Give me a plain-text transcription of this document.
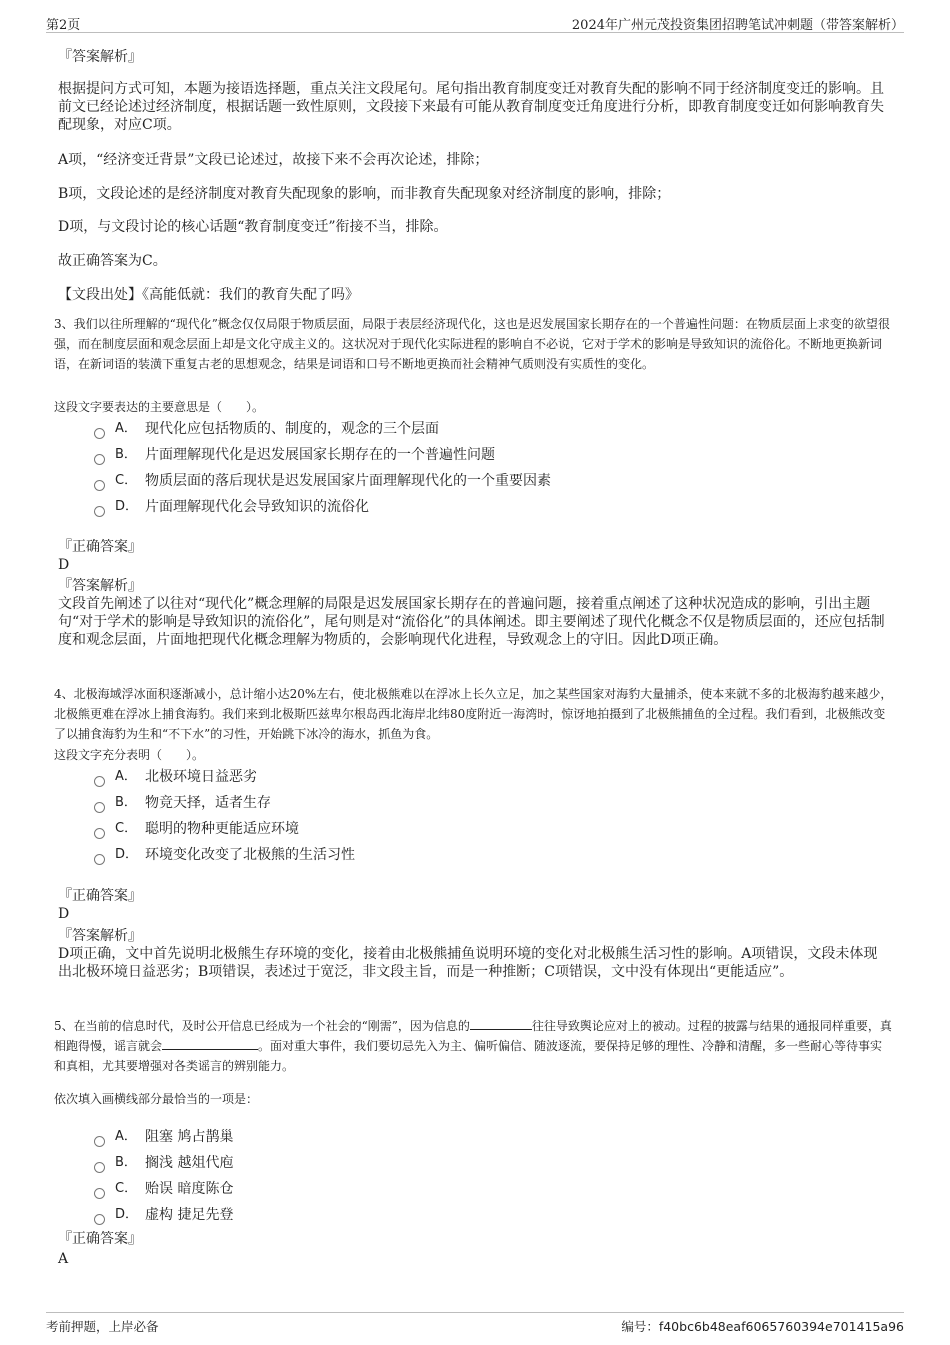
第2页	2024年广州元茂投资集团招聘笔试冲刺题（带答案解析）
『答案解析』
根据提问方式可知，本题为接语选择题，重点关注文段尾句。尾句指出教育制度变迁对教育失配的影响不同于经济制度变迁的影响。且前文已经论述过经济制度，根据话题一致性原则，文段接下来最有可能从教育制度变迁角度进行分析，即教育制度变迁如何影响教育失配现象，对应C项。
A项，“经济变迁背景”文段已论述过，故接下来不会再次论述，排除；
B项，文段论述的是经济制度对教育失配现象的影响，而非教育失配现象对经济制度的影响，排除；
D项，与文段讨论的核心话题“教育制度变迁”衔接不当，排除。
故正确答案为C。
【文段出处】《高能低就：我们的教育失配了吗》
3、我们以往所理解的“现代化”概念仅仅局限于物质层面，局限于表层经济现代化，这也是迟发展国家长期存在的一个普遍性问题：在物质层面上求变的欲望很强，而在制度层面和观念层面上却是文化守成主义的。这状况对于现代化实际进程的影响自不必说，它对于学术的影响是导致知识的流俗化。不断地更换新词语，在新词语的装潢下重复古老的思想观念，结果是词语和口号不断地更换而社会精神气质则没有实质性的变化。
这段文字要表达的主要意思是（　　）。
A． 现代化应包括物质的、制度的，观念的三个层面
B． 片面理解现代化是迟发展国家长期存在的一个普遍性问题
C． 物质层面的落后现状是迟发展国家片面理解现代化的一个重要因素
D． 片面理解现代化会导致知识的流俗化
『正确答案』
D
『答案解析』
文段首先阐述了以往对“现代化”概念理解的局限是迟发展国家长期存在的普遍问题，接着重点阐述了这种状况造成的影响，引出主题句“对于学术的影响是导致知识的流俗化”，尾句则是对“流俗化”的具体阐述。即主要阐述了现代化概念不仅是物质层面的，还应包括制度和观念层面，片面地把现代化概念理解为物质的，会影响现代化进程，导致观念上的守旧。因此D项正确。
4、北极海域浮冰面积逐渐减小，总计缩小达20%左右，使北极熊难以在浮冰上长久立足，加之某些国家对海豹大量捕杀，使本来就不多的北极海豹越来越少，北极熊更难在浮冰上捕食海豹。我们来到北极斯匹兹卑尔根岛西北海岸北纬80度附近一海湾时，惊讶地拍摄到了北极熊捕鱼的全过程。我们看到，北极熊改变了以捕食海豹为生和“不下水”的习性，开始跳下冰冷的海水，抓鱼为食。
这段文字充分表明（　　）。
A． 北极环境日益恶劣
B． 物竞天择，适者生存
C． 聪明的物种更能适应环境
D． 环境变化改变了北极熊的生活习性
『正确答案』
D
『答案解析』
D项正确，文中首先说明北极熊生存环境的变化，接着由北极熊捕鱼说明环境的变化对北极熊生活习性的影响。A项错误，文段未体现出北极环境日益恶劣；B项错误，表述过于宽泛，非文段主旨，而是一种推断；C项错误，文中没有体现出“更能适应”。
5、在当前的信息时代，及时公开信息已经成为一个社会的“刚需”，因为信息的	往往导致舆论应对上的被动。过程的披露与结果的通报同样重要，真相跑得慢，谣言就会	。面对重大事件，我们要切忌先入为主、偏听偏信、随波逐流，要保持足够的理性、冷静和清醒，多一些耐心等待事实和真相，尤其要增强对各类谣言的辨别能力。
依次填入画横线部分最恰当的一项是：
A． 阻塞 鸠占鹊巢
B． 搁浅 越俎代庖
C． 贻误 暗度陈仓
D． 虚构 捷足先登
『正确答案』
A
考前押题，上岸必备	编号：f40bc6b48eaf6065760394e701415a96
